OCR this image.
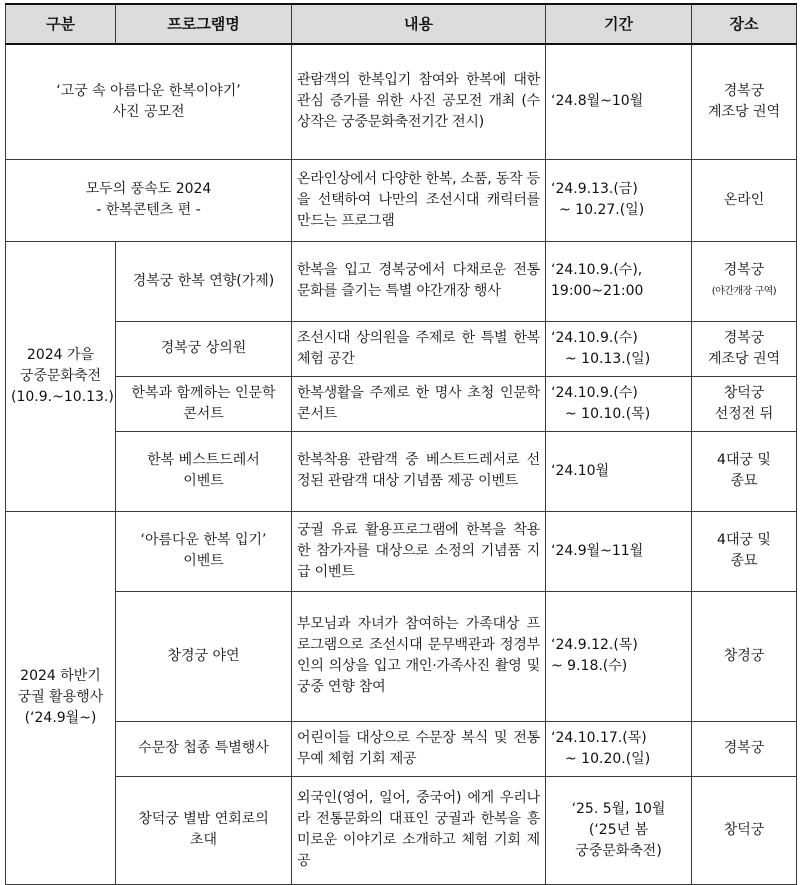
구분	프로그램명	내용	기간	장소

‘고궁 속 아름다운 한복이야기’
사진 공모전		관람객의 한복입기 참여와 한복에 대한 관심 증가를 위한 사진 공모전 개최 (수상작은 궁중문화축전기간 전시)	‘24.8월~10월	경복궁
계조당 권역

모두의 풍속도 2024
- 한복콘텐츠 편 -		온라인상에서 다양한 한복, 소품, 동작 등을 선택하여 나만의 조선시대 캐릭터를 만드는 프로그램	‘24.9.13.(금)
~ 10.27.(일)	온라인

2024 가을
궁중문화축전
(10.9.~10.13.)	경복궁 한복 연향(가제)	한복을 입고 경복궁에서 다채로운 전통문화를 즐기는 특별 야간개장 행사	‘24.10.9.(수),
19:00~21:00	경복궁
(야간개장 구역)

	경복궁 상의원	조선시대 상의원을 주제로 한 특별 한복 체험 공간	‘24.10.9.(수)
~ 10.13.(일)	경복궁
계조당 권역

	한복과 함께하는 인문학
콘서트	한복생활을 주제로 한 명사 초청 인문학 콘서트	‘24.10.9.(수)
~ 10.10.(목)	창덕궁
선정전 뒤

	한복 베스트드레서
이벤트	한복착용 관람객 중 베스트드레서로 선정된 관람객 대상 기념품 제공 이벤트	‘24.10월	4대궁 및
종묘

2024 하반기
궁궐 활용행사
(‘24.9월~)	‘아름다운 한복 입기’
이벤트	궁궐 유료 활용프로그램에 한복을 착용한 참가자를 대상으로 소정의 기념품 지급 이벤트	‘24.9월~11월	4대궁 및
종묘

	창경궁 야연	부모님과 자녀가 참여하는 가족대상 프로그램으로 조선시대 문무백관과 정경부인의 의상을 입고 개인·가족사진 촬영 및 궁중 연향 참여	‘24.9.12.(목)
~ 9.18.(수)	창경궁

	수문장 첩종 특별행사	어린이들 대상으로 수문장 복식 및 전통무예 체험 기회 제공	‘24.10.17.(목)
~ 10.20.(일)	경복궁

	창덕궁 별밤 연회로의
초대	외국인(영어, 일어, 중국어) 에게 우리나라 전통문화의 대표인 궁궐과 한복을 흥미로운 이야기로 소개하고 체험 기회 제공	‘25. 5월, 10월
(‘25년 봄
궁중문화축전)	창덕궁
